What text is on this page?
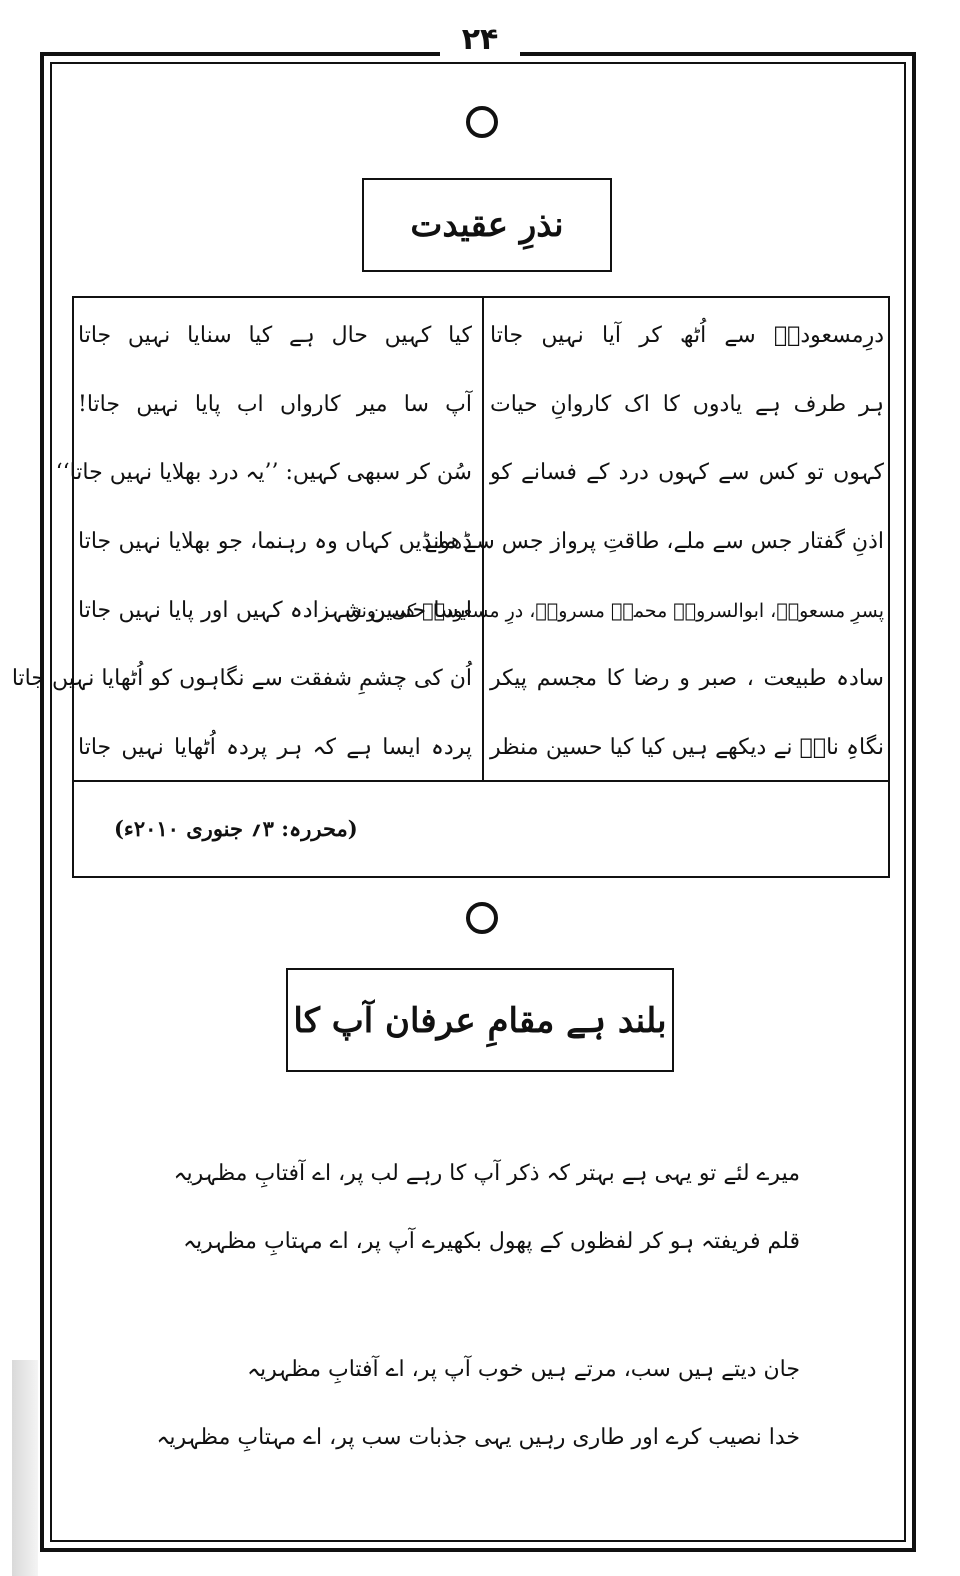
۲۴
نذرِ عقیدت
درِمسعودیؔ سے اُٹھ کر آیا نہیں جاتا
ہر طرف ہے یادوں کا اک کاروانِ حیات
کہوں تو کس سے کہوں درد کے فسانے کو
اذنِ گفتار جس سے ملے، طاقتِ پرواز جس سے ملے
پسرِ مسعودؔ، ابوالسرورؔ محمدؔ مسرورؔ، درِ مسعودیؔ کی رونق
سادہ طبیعت ، صبر و رضا کا مجسم پیکر
نگاہِ نازؔ نے دیکھے ہیں کیا کیا حسین منظر
کیا کہیں حال ہے کیا سنایا نہیں جاتا
آپ سا میر کارواں اب پایا نہیں جاتا!
سُن کر سبھی کہیں: ’’یہ درد بھلایا نہیں جاتا‘‘
ڈھونڈیں کہاں وہ رہنما، جو بھلایا نہیں جاتا
ایسا حسین شہزادہ کہیں اور پایا نہیں جاتا
اُن کی چشمِ شفقت سے نگاہوں کو اُٹھایا نہیں جاتا
پردہ ایسا ہے کہ ہر پردہ اُٹھایا نہیں جاتا
(محررہ: ۳؍ جنوری ۲۰۱۰ء)
بلند ہے مقامِ عرفان آپ کا
میرے لئے تو یہی ہے بہتر کہ ذکر آپ کا رہے لب پر، اے آفتابِ مظہریہ
قلم فریفتہ ہو کر لفظوں کے پھول بکھیرے آپ پر، اے مہتابِ مظہریہ
جان دیتے ہیں سب، مرتے ہیں خوب آپ پر، اے آفتابِ مظہریہ
خدا نصیب کرے اور طاری رہیں یہی جذبات سب پر، اے مہتابِ مظہریہ
